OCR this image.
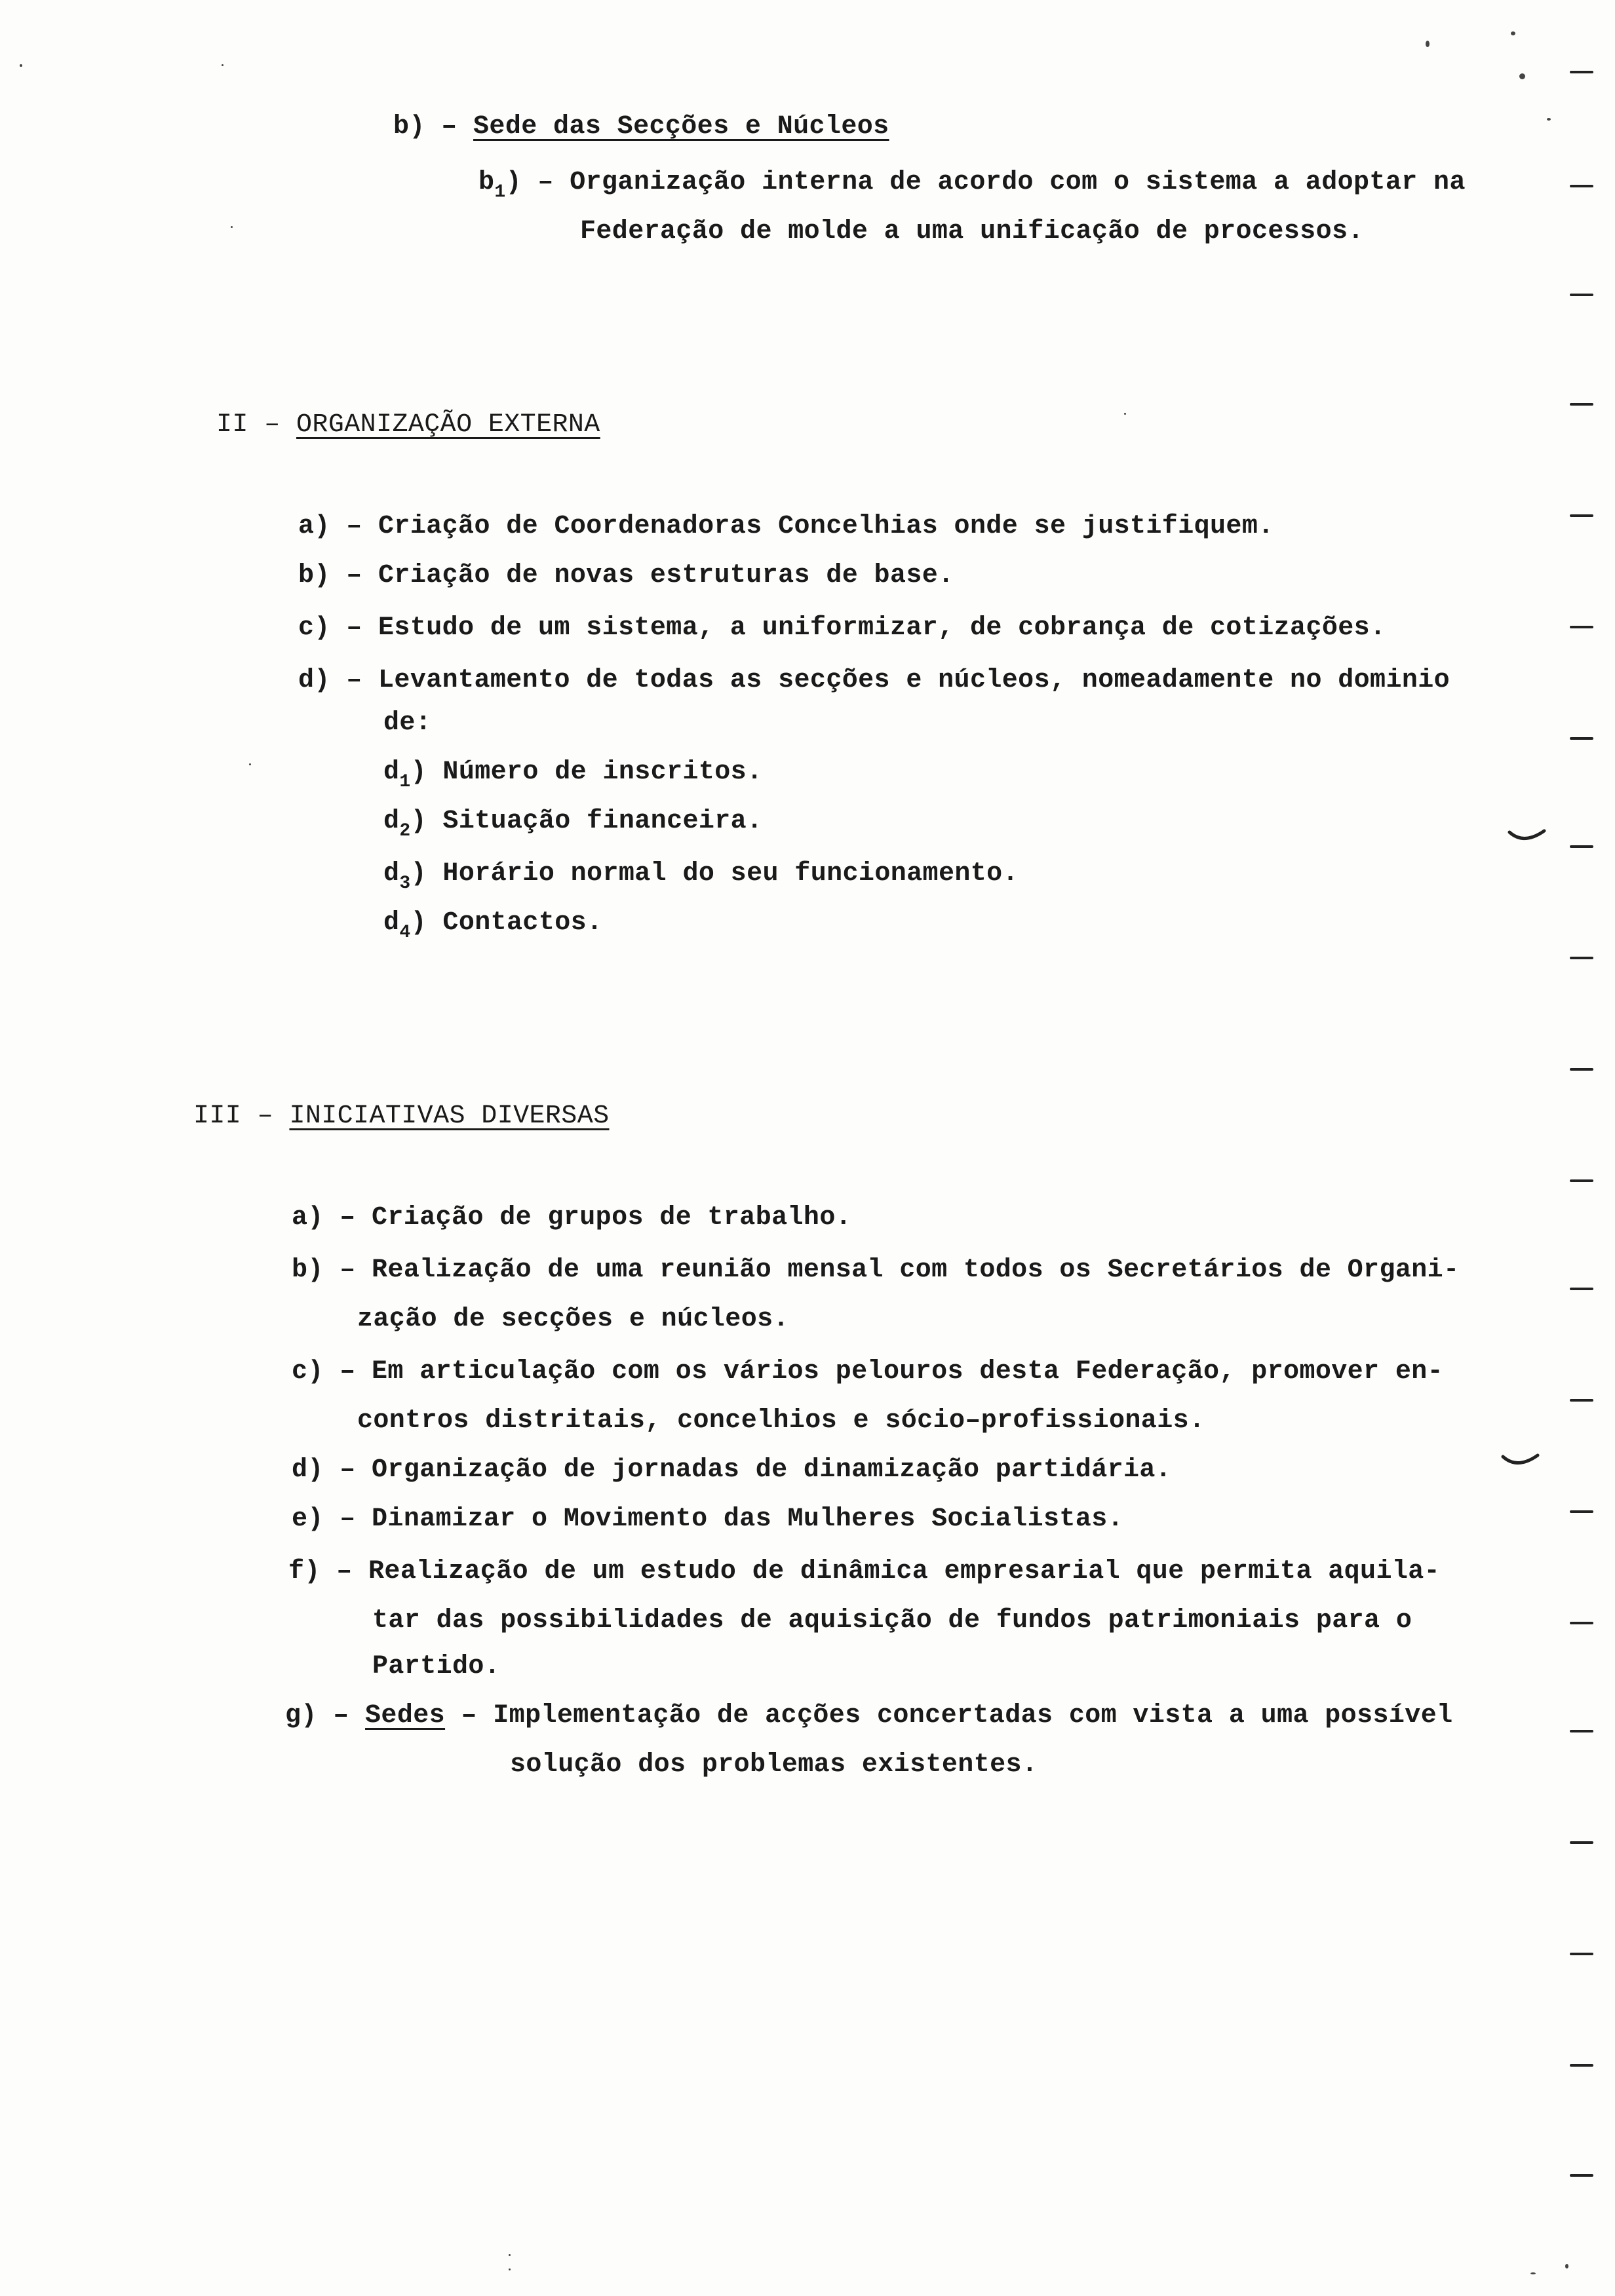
b) – Sede das Secções e Núcleos
$b_1$) – Organização interna de acordo com o sistema a adoptar na
Federação de molde a uma unificação de processos.
II – ORGANIZAÇÃO EXTERNA
a) – Criação de Coordenadoras Concelhias onde se justifiquem.
b) – Criação de novas estruturas de base.
c) – Estudo de um sistema, a uniformizar, de cobrança de cotizações.
d) – Levantamento de todas as secções e núcleos, nomeadamente no dominio
de:
$d_1$) Número de inscritos.
$d_2$) Situação financeira.
$d_3$) Horário normal do seu funcionamento.
$d_4$) Contactos.
III – INICIATIVAS DIVERSAS
a) – Criação de grupos de trabalho.
b) – Realização de uma reunião mensal com todos os Secretários de Organi-
zação de secções e núcleos.
c) – Em articulação com os vários pelouros desta Federação, promover en-
contros distritais, concelhios e sócio–profissionais.
d) – Organização de jornadas de dinamização partidária.
e) – Dinamizar o Movimento das Mulheres Socialistas.
f) – Realização de um estudo de dinâmica empresarial que permita aquila-
tar das possibilidades de aquisição de fundos patrimoniais para o
Partido.
g) – Sedes – Implementação de acções concertadas com vista a uma possível
solução dos problemas existentes.
